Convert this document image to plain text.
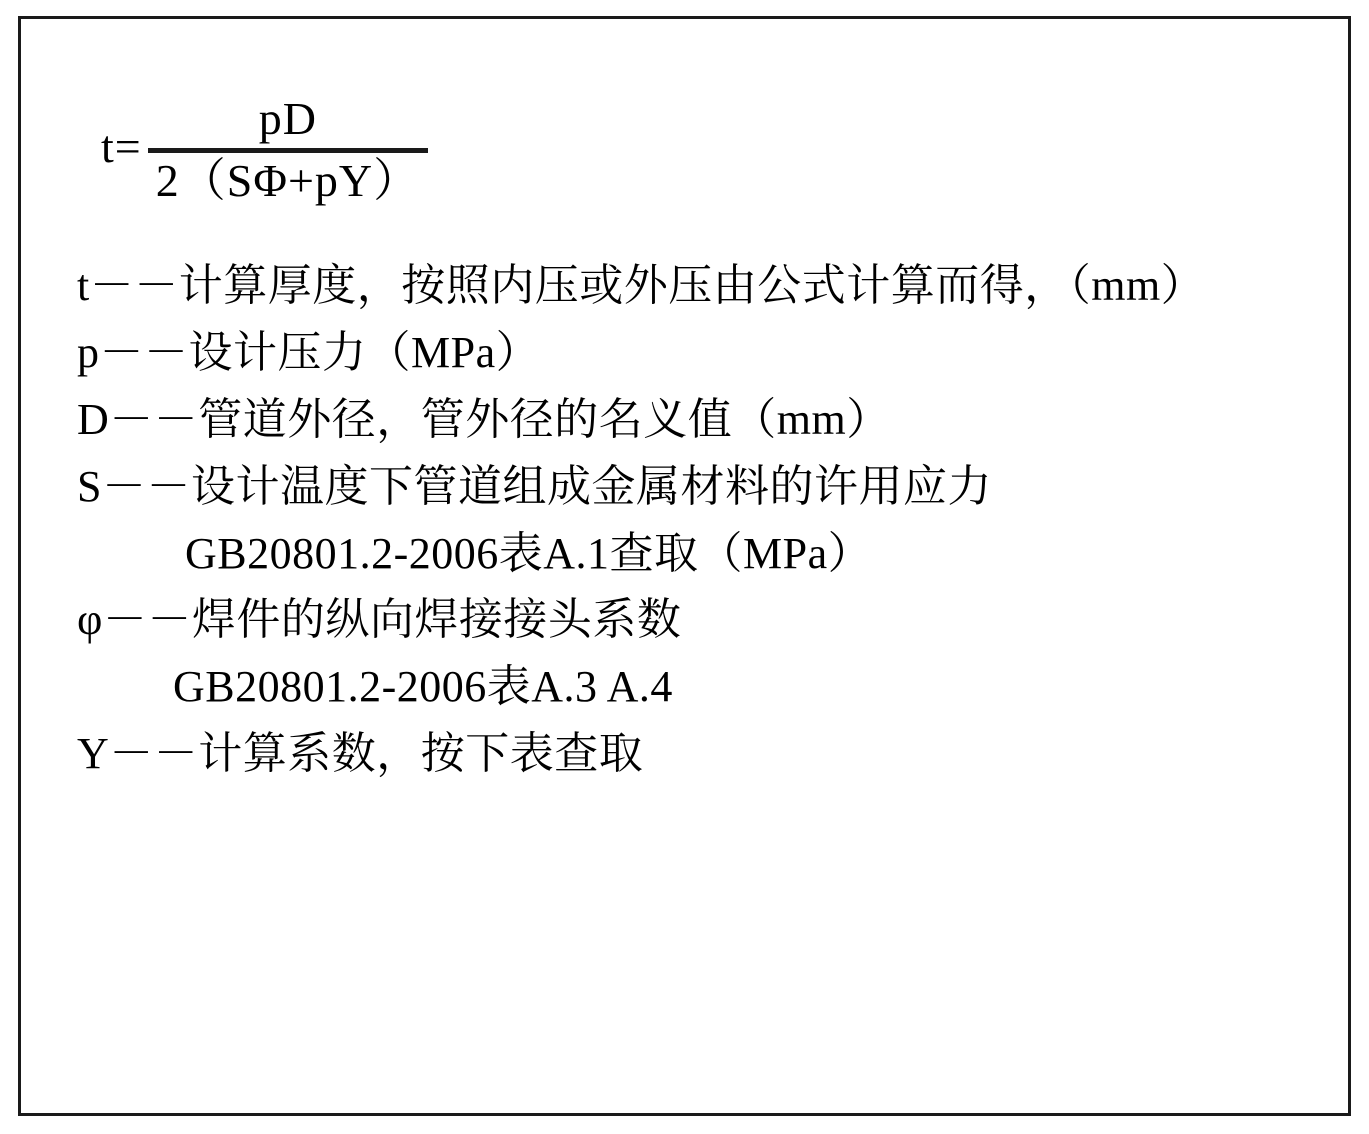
t=
pD
2（SΦ+pY）
t－－计算厚度，按照内压或外压由公式计算而得，（mm）
p－－设计压力（MPa）
D－－管道外径，管外径的名义值（mm）
S－－设计温度下管道组成金属材料的许用应力
GB20801.2-2006表A.1查取（MPa）
φ－－焊件的纵向焊接接头系数
GB20801.2-2006表A.3 A.4
Y－－计算系数，按下表查取
